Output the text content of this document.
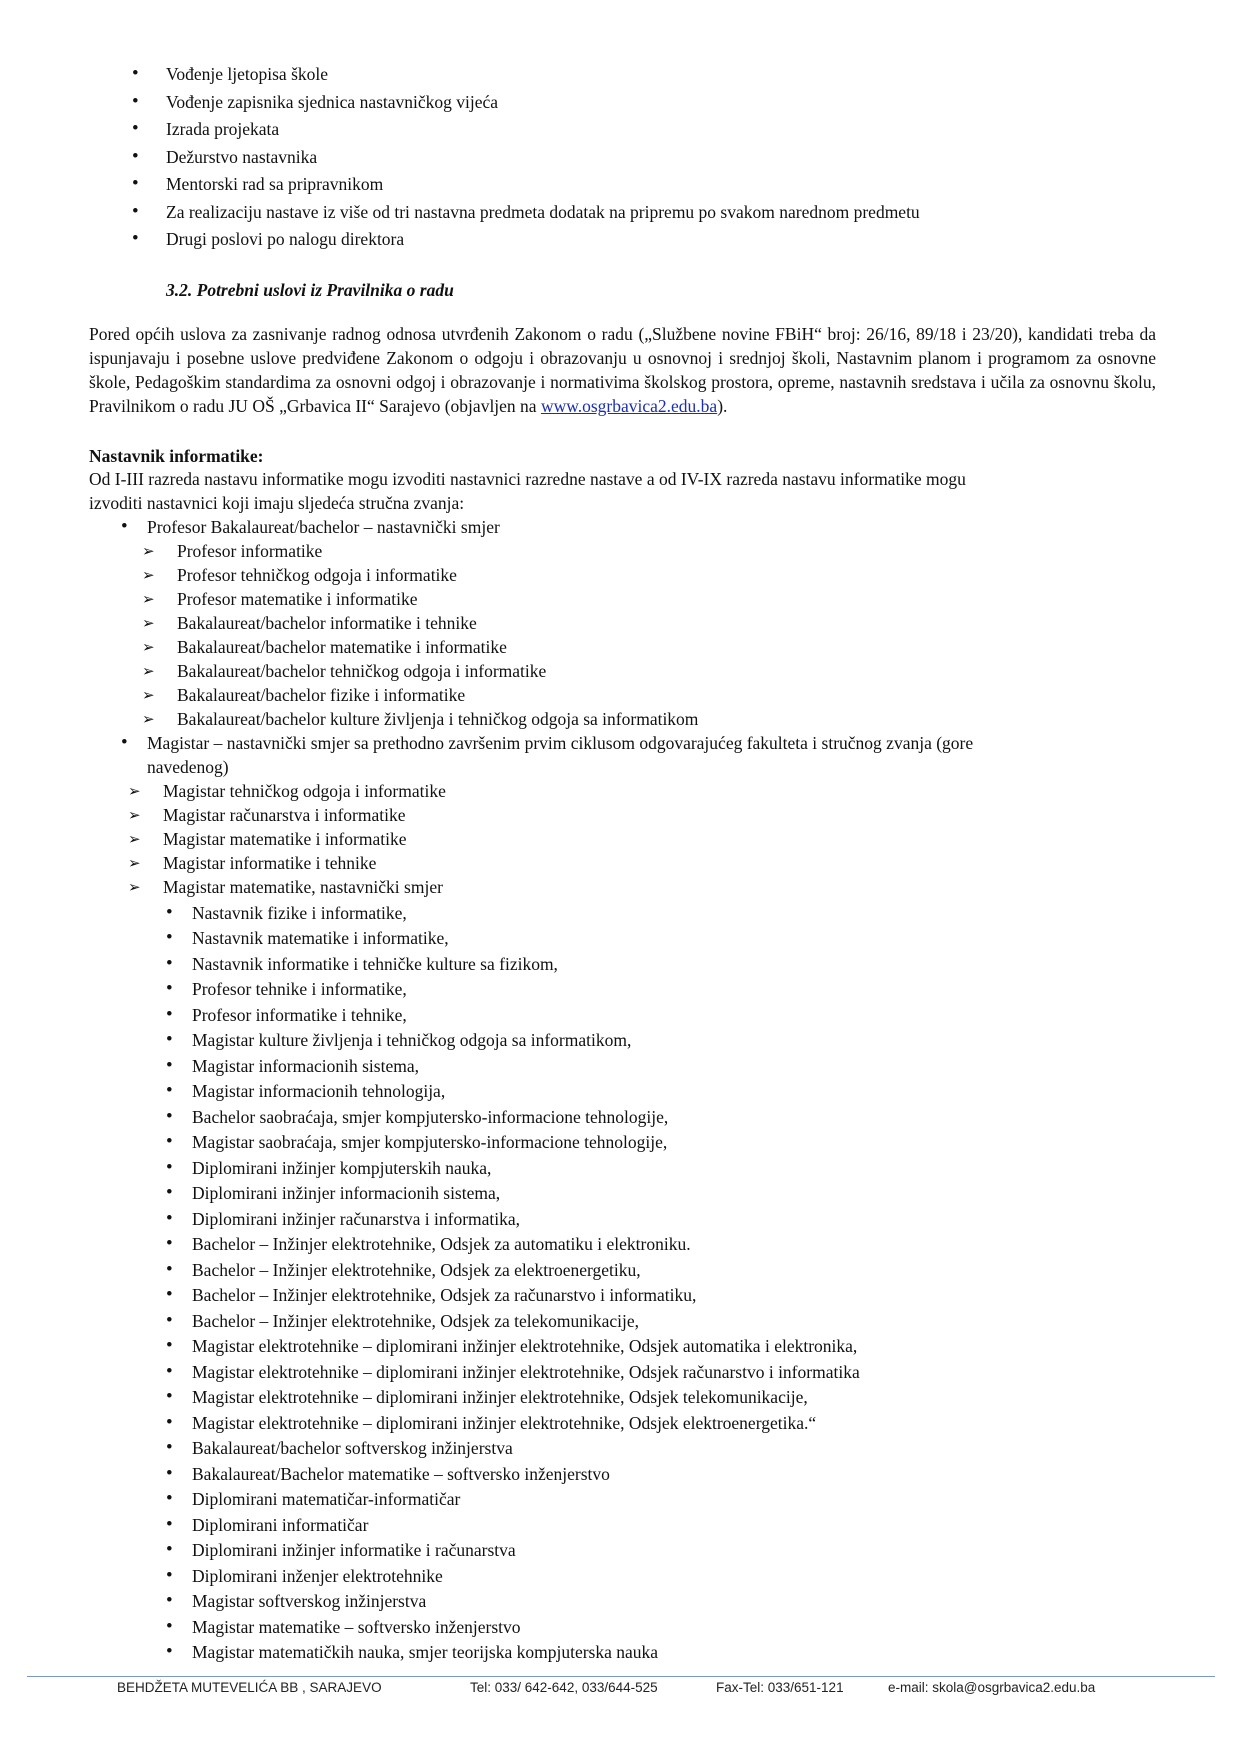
• Vođenje ljetopisa škole
• Vođenje zapisnika sjednica nastavničkog vijeća
• Izrada projekata
• Dežurstvo nastavnika
• Mentorski rad sa pripravnikom
• Za realizaciju nastave iz više od tri nastavna predmeta dodatak na pripremu po svakom narednom predmetu
• Drugi poslovi po nalogu direktora
3.2. Potrebni uslovi iz Pravilnika o radu
Pored općih uslova za zasnivanje radnog odnosa utvrđenih Zakonom o radu („Službene novine FBiH“ broj: 26/16, 89/18 i 23/20), kandidati treba da ispunjavaju i posebne uslove predviđene Zakonom o odgoju i obrazovanju u osnovnoj i srednjoj školi, Nastavnim planom i programom za osnovne škole, Pedagoškim standardima za osnovni odgoj i obrazovanje i normativima školskog prostora, opreme, nastavnih sredstava i učila za osnovnu školu, Pravilnikom o radu JU OŠ „Grbavica II“ Sarajevo (objavljen na www.osgrbavica2.edu.ba).
Nastavnik informatike:
Od I-III razreda nastavu informatike mogu izvoditi nastavnici razredne nastave a od IV-IX razreda nastavu informatike mogu
izvoditi nastavnici koji imaju sljedeća stručna zvanja:
• Profesor Bakalaureat/bachelor – nastavnički smjer
➢ Profesor informatike
➢ Profesor tehničkog odgoja i informatike
➢ Profesor matematike i informatike
➢ Bakalaureat/bachelor informatike i tehnike
➢ Bakalaureat/bachelor matematike i informatike
➢ Bakalaureat/bachelor tehničkog odgoja i informatike
➢ Bakalaureat/bachelor fizike i informatike
➢ Bakalaureat/bachelor kulture življenja i tehničkog odgoja sa informatikom
• Magistar – nastavnički smjer sa prethodno završenim prvim ciklusom odgovarajućeg fakulteta i stručnog zvanja (gore
navedenog)
➢ Magistar tehničkog odgoja i informatike
➢ Magistar računarstva i informatike
➢ Magistar matematike i informatike
➢ Magistar informatike i tehnike
➢ Magistar matematike, nastavnički smjer
• Nastavnik fizike i informatike,
• Nastavnik matematike i informatike,
• Nastavnik informatike i tehničke kulture sa fizikom,
• Profesor tehnike i informatike,
• Profesor informatike i tehnike,
• Magistar kulture življenja i tehničkog odgoja sa informatikom,
• Magistar informacionih sistema,
• Magistar informacionih tehnologija,
• Bachelor saobraćaja, smjer kompjutersko-informacione tehnologije,
• Magistar saobraćaja, smjer kompjutersko-informacione tehnologije,
• Diplomirani inžinjer kompjuterskih nauka,
• Diplomirani inžinjer informacionih sistema,
• Diplomirani inžinjer računarstva i informatika,
• Bachelor – Inžinjer elektrotehnike, Odsjek za automatiku i elektroniku.
• Bachelor – Inžinjer elektrotehnike, Odsjek za elektroenergetiku,
• Bachelor – Inžinjer elektrotehnike, Odsjek za računarstvo i informatiku,
• Bachelor – Inžinjer elektrotehnike, Odsjek za telekomunikacije,
• Magistar elektrotehnike – diplomirani inžinjer elektrotehnike, Odsjek automatika i elektronika,
• Magistar elektrotehnike – diplomirani inžinjer elektrotehnike, Odsjek računarstvo i informatika
• Magistar elektrotehnike – diplomirani inžinjer elektrotehnike, Odsjek telekomunikacije,
• Magistar elektrotehnike – diplomirani inžinjer elektrotehnike, Odsjek elektroenergetika.“
• Bakalaureat/bachelor softverskog inžinjerstva
• Bakalaureat/Bachelor matematike – softversko inženjerstvo
• Diplomirani matematičar-informatičar
• Diplomirani informatičar
• Diplomirani inžinjer informatike i računarstva
• Diplomirani inženjer elektrotehnike
• Magistar softverskog inžinjerstva
• Magistar matematike – softversko inženjerstvo
• Magistar matematičkih nauka, smjer teorijska kompjuterska nauka
BEHDŽETA MUTEVELIĆA BB , SARAJEVO	Tel: 033/ 642-642, 033/644-525	Fax-Tel: 033/651-121	e-mail: skola@osgrbavica2.edu.ba
